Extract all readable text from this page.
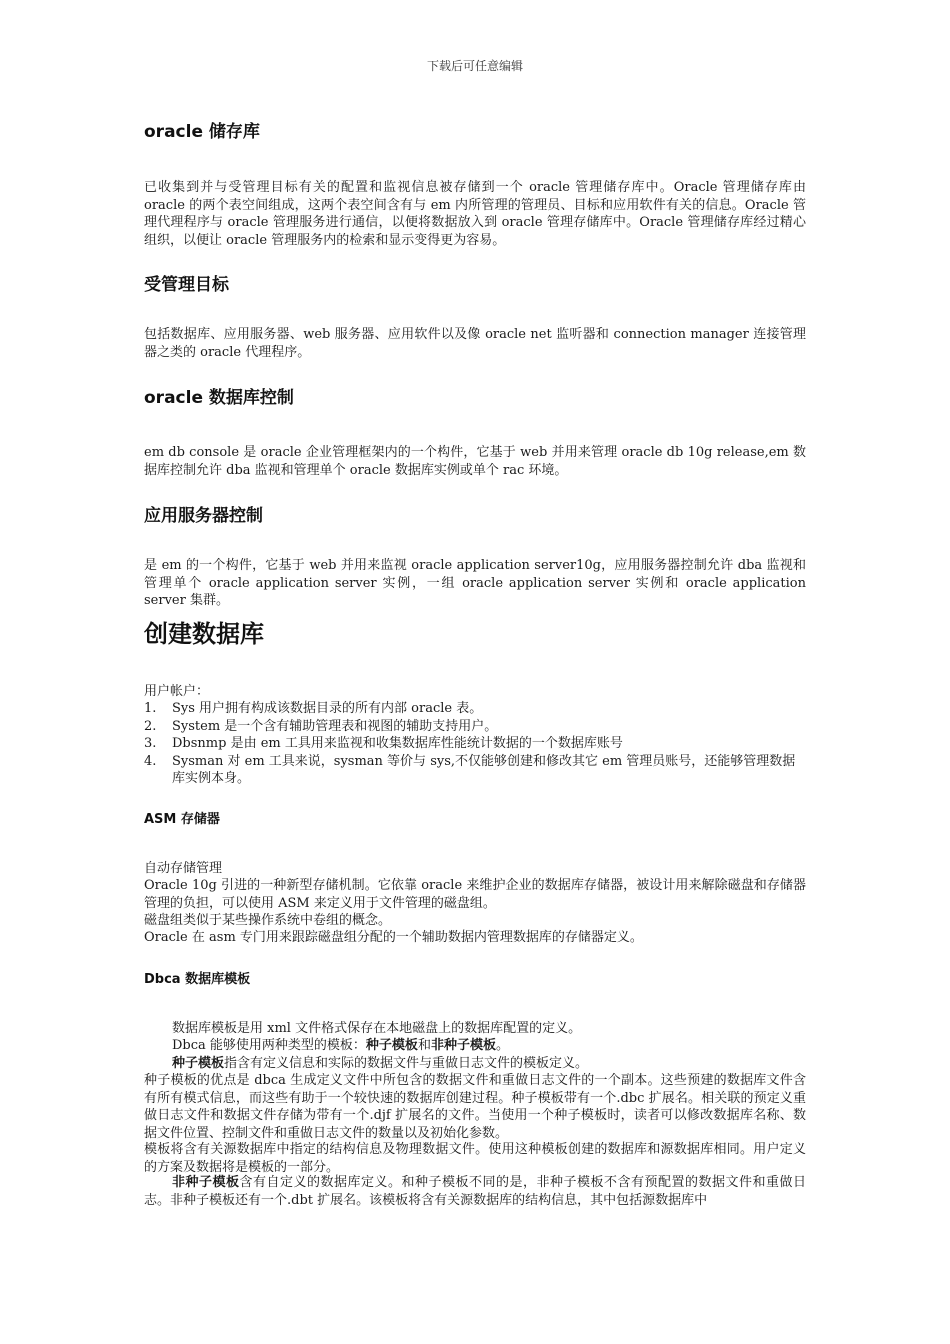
下载后可任意编辑
oracle 储存库
已收集到并与受管理目标有关的配置和监视信息被存储到一个 oracle 管理储存库中。Oracle 管理储存库由 oracle 的两个表空间组成，这两个表空间含有与 em 内所管理的管理员、目标和应用软件有关的信息。Oracle 管理代理程序与 oracle 管理服务进行通信，以便将数据放入到 oracle 管理存储库中。Oracle 管理储存库经过精心组织，以便让 oracle 管理服务内的检索和显示变得更为容易。
受管理目标
包括数据库、应用服务器、web 服务器、应用软件以及像 oracle net 监听器和 connection manager 连接管理器之类的 oracle 代理程序。
oracle 数据库控制
em db console 是 oracle 企业管理框架内的一个构件，它基于 web 并用来管理 oracle db 10g release,em 数据库控制允许 dba 监视和管理单个 oracle 数据库实例或单个 rac 环境。
应用服务器控制
是 em 的一个构件，它基于 web 并用来监视 oracle application server10g，应用服务器控制允许 dba 监视和管理单个 oracle application server 实例，一组 oracle application server 实例和 oracle application server 集群。
创建数据库
用户帐户：
1. Sys 用户拥有构成该数据目录的所有内部 oracle 表。
2. System 是一个含有辅助管理表和视图的辅助支持用户。
3. Dbsnmp 是由 em 工具用来监视和收集数据库性能统计数据的一个数据库账号
4. Sysman 对 em 工具来说，sysman 等价与 sys,不仅能够创建和修改其它 em 管理员账号，还能够管理数据库实例本身。
ASM 存储器
自动存储管理
Oracle 10g 引进的一种新型存储机制。它依靠 oracle 来维护企业的数据库存储器，被设计用来解除磁盘和存储器管理的负担，可以使用 ASM 来定义用于文件管理的磁盘组。
磁盘组类似于某些操作系统中卷组的概念。
Oracle 在 asm 专门用来跟踪磁盘组分配的一个辅助数据内管理数据库的存储器定义。
Dbca 数据库模板
数据库模板是用 xml 文件格式保存在本地磁盘上的数据库配置的定义。
Dbca 能够使用两种类型的模板：种子模板和非种子模板。
种子模板指含有定义信息和实际的数据文件与重做日志文件的模板定义。
种子模板的优点是 dbca 生成定义文件中所包含的数据文件和重做日志文件的一个副本。这些预建的数据库文件含有所有模式信息，而这些有助于一个较快速的数据库创建过程。种子模板带有一个.dbc 扩展名。相关联的预定义重做日志文件和数据文件存储为带有一个.djf 扩展名的文件。当使用一个种子模板时，读者可以修改数据库名称、数据文件位置、控制文件和重做日志文件的数量以及初始化参数。
模板将含有关源数据库中指定的结构信息及物理数据文件。使用这种模板创建的数据库和源数据库相同。用户定义的方案及数据将是模板的一部分。
非种子模板含有自定义的数据库定义。和种子模板不同的是，非种子模板不含有预配置的数据文件和重做日志。非种子模板还有一个.dbt 扩展名。该模板将含有关源数据库的结构信息，其中包括源数据库中
